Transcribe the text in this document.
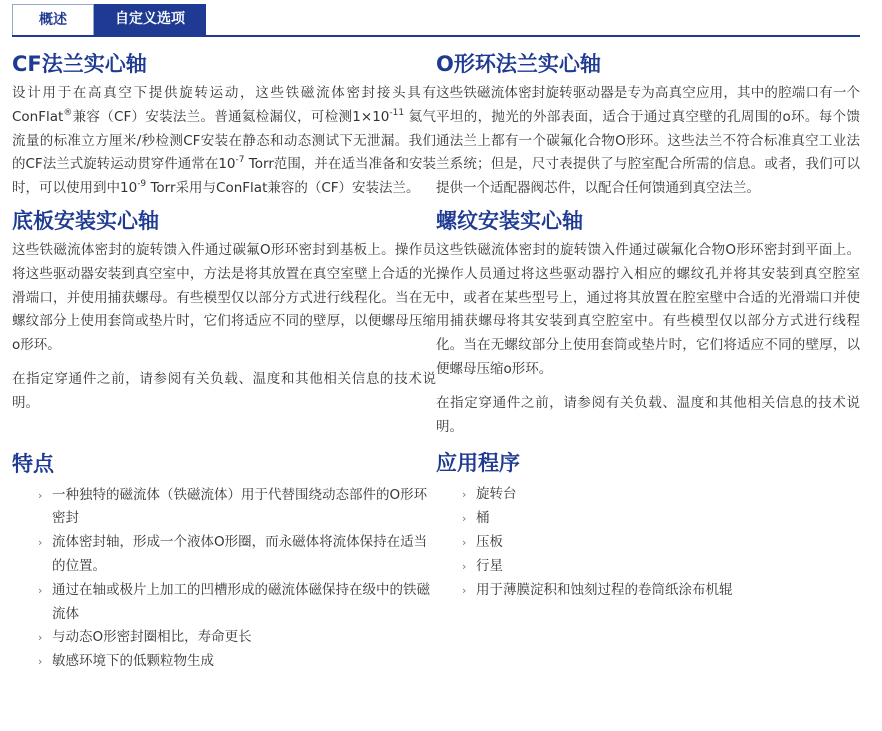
概述	自定义选项
CF法兰实心轴

设计用于在高真空下提供旋转运动，这些铁磁流体密封接头具有ConFlat®兼容（CF）安装法兰。普通氦检漏仪，可检测$1\times 10^{-11}$ 氦气流量的标准立方厘米/秒检测CF安装在静态和动态测试下无泄漏。我们的CF法兰式旋转运动贯穿件通常在$10^{-7}$ Torr范围，并在适当准备和安装时，可以使用到中$10^{-9}$ Torr采用与ConFlat兼容的（CF）安装法兰。

底板安装实心轴

这些铁磁流体密封的旋转馈入件通过碳氟O形环密封到基板上。操作员将这些驱动器安装到真空室中，方法是将其放置在真空室壁上合适的光滑端口，并使用捕获螺母。有些模型仅以部分方式进行线程化。当在无螺纹部分上使用套筒或垫片时，它们将适应不同的壁厚，以便螺母压缩o形环。

在指定穿通件之前，请参阅有关负载、温度和其他相关信息的技术说明。

特点
› 一种独特的磁流体（铁磁流体）用于代替围绕动态部件的O形环密封
› 流体密封轴，形成一个液体O形圈，而永磁体将流体保持在适当的位置。
› 通过在轴或极片上加工的凹槽形成的磁流体磁保持在级中的铁磁流体
› 与动态O形密封圈相比，寿命更长
› 敏感环境下的低颗粒物生成
O形环法兰实心轴

这些铁磁流体密封旋转驱动器是专为高真空应用，其中的腔端口有一个平坦的，抛光的外部表面，适合于通过真空壁的孔周围的o环。每个馈通法兰上都有一个碳氟化合物O形环。这些法兰不符合标准真空工业法兰系统；但是，尺寸表提供了与腔室配合所需的信息。或者，我们可以提供一个适配器阀芯件，以配合任何馈通到真空法兰。

螺纹安装实心轴

这些铁磁流体密封的旋转馈入件通过碳氟化合物O形环密封到平面上。操作人员通过将这些驱动器拧入相应的螺纹孔并将其安装到真空腔室中，或者在某些型号上，通过将其放置在腔室壁中合适的光滑端口并使用捕获螺母将其安装到真空腔室中。有些模型仅以部分方式进行线程化。当在无螺纹部分上使用套筒或垫片时，它们将适应不同的壁厚，以便螺母压缩o形环。

在指定穿通件之前，请参阅有关负载、温度和其他相关信息的技术说明。

应用程序
› 旋转台
› 桶
› 压板
› 行星
› 用于薄膜淀积和蚀刻过程的卷筒纸涂布机辊
